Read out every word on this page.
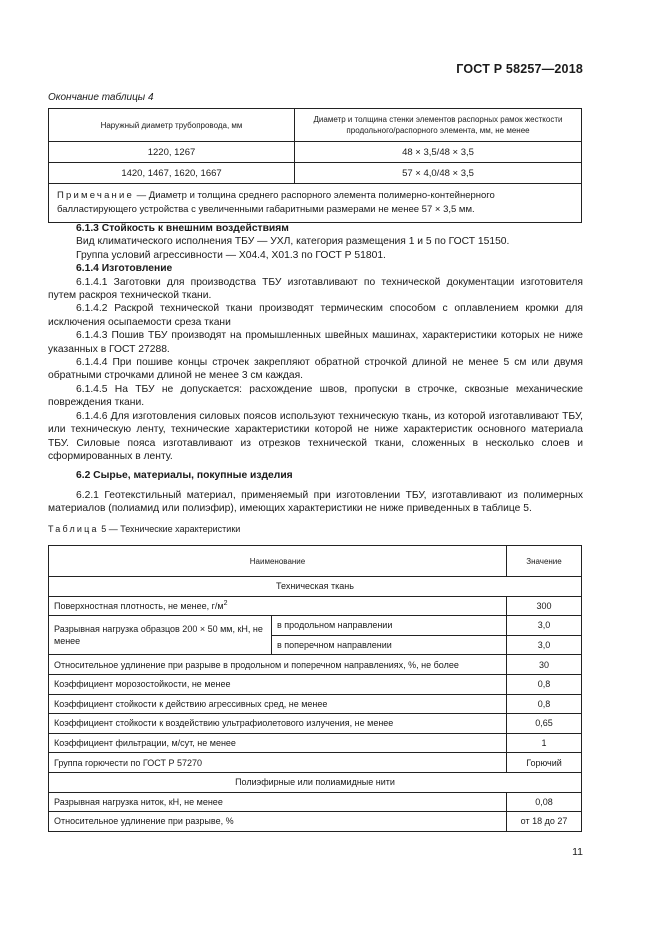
ГОСТ Р 58257—2018
Окончание таблицы 4
Наружный диаметр трубопровода, мм	Диаметр и толщина стенки элементов распорных рамок жесткости продольного/распорного элемента, мм, не менее
1220, 1267	48 × 3,5/48 × 3,5
1420, 1467, 1620, 1667	57 × 4,0/48 × 3,5
Примечание — Диаметр и толщина среднего распорного элемента полимерно-контейнерного балластирующего устройства с увеличенными габаритными размерами не менее 57 × 3,5 мм.	

6.1.3 Стойкость к внешним воздействиям

Вид климатического исполнения ТБУ — УХЛ, категория размещения 1 и 5 по ГОСТ 15150.

Группа условий агрессивности — Х04.4, Х01.3 по ГОСТ Р 51801.

6.1.4 Изготовление

6.1.4.1 Заготовки для производства ТБУ изготавливают по технической документации изготовителя путем раскроя технической ткани.

6.1.4.2 Раскрой технической ткани производят термическим способом с оплавлением кромки для исключения осыпаемости среза ткани

6.1.4.3 Пошив ТБУ производят на промышленных швейных машинах, характеристики которых не ниже указанных в ГОСТ 27288.

6.1.4.4 При пошиве концы строчек закрепляют обратной строчкой длиной не менее 5 см или двумя обратными строчками длиной не менее 3 см каждая.

6.1.4.5 На ТБУ не допускается: расхождение швов, пропуски в строчке, сквозные механические повреждения ткани.

6.1.4.6 Для изготовления силовых поясов используют техническую ткань, из которой изготавливают ТБУ, или техническую ленту, технические характеристики которой не ниже характеристик основного материала ТБУ. Силовые пояса изготавливают из отрезков технической ткани, сложенных в несколько слоев и сформированных в ленту.

6.2 Сырье, материалы, покупные изделия

6.2.1 Геотекстильный материал, применяемый при изготовлении ТБУ, изготавливают из полимерных материалов (полиамид или полиэфир), имеющих характеристики не ниже приведенных в таблице 5.

Таблица 5 — Технические характеристики
Наименование		Значение
Техническая ткань		
Поверхностная плотность, не менее, $г/м^2$		300
Разрывная нагрузка образцов 200 × 50 мм, кН, не менее	в продольном направлении	3,0
	в поперечном направлении	3,0
Относительное удлинение при разрыве в продольном и поперечном направлениях, %, не более		30
Коэффициент морозостойкости, не менее		0,8
Коэффициент стойкости к действию агрессивных сред, не менее		0,8
Коэффициент стойкости к воздействию ультрафиолетового излучения, не менее		0,65
Коэффициент фильтрации, м/сут, не менее		1
Группа горючести по ГОСТ Р 57270		Горючий
Полиэфирные или полиамидные нити		
Разрывная нагрузка ниток, кН, не менее		0,08
Относительное удлинение при разрыве, %		от 18 до 27
11
